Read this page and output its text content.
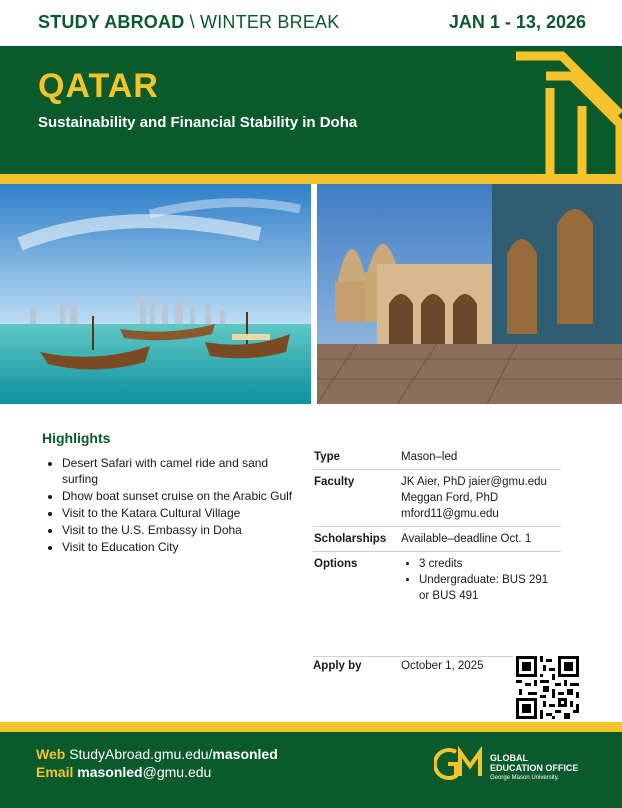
STUDY ABROAD \ WINTER BREAK	JAN 1 - 13, 2026
QATAR
Sustainability and Financial Stability in Doha
Highlights
• Desert Safari with camel ride and sand surfing
• Dhow boat sunset cruise on the Arabic Gulf
• Visit to the Katara Cultural Village
• Visit to the U.S. Embassy in Doha
• Visit to Education City
Type	Mason–led
Faculty	JK Aier, PhD jaier@gmu.edu
Meggan Ford, PhD
mford11@gmu.edu
Scholarships	Available–deadline Oct. 1
Options
•	3 credits
• Undergraduate: BUS 291 or BUS 491
Apply by	October 1, 2025
Web StudyAbroad.gmu.edu/masonled
Email masonled@gmu.edu
GLOBAL
EDUCATION OFFICE
George Mason University.
